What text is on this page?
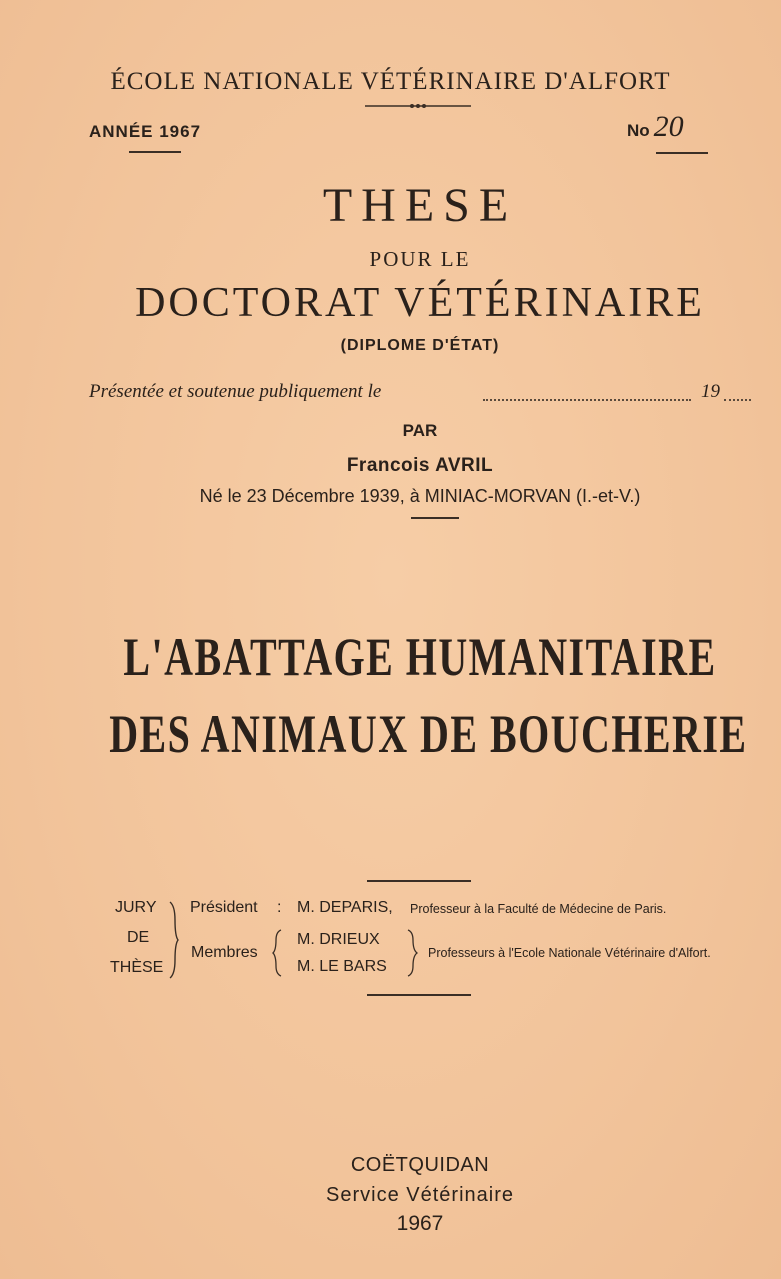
ÉCOLE NATIONALE VÉTÉRINAIRE D'ALFORT
ANNÉE 1967	No 20
THESE
POUR LE
DOCTORAT VÉTÉRINAIRE
(DIPLOME D'ÉTAT)
Présentée et soutenue publiquement le	19
PAR
Francois AVRIL
Né le 23 Décembre 1939, à MINIAC-MORVAN (I.-et-V.)
L'ABATTAGE HUMANITAIRE
DES ANIMAUX DE BOUCHERIE
JURY
DE
THÈSE
Président : M. DEPARIS, Professeur à la Faculté de Médecine de Paris.
Membres
M. DRIEUX
M. LE BARS
Professeurs à l'Ecole Nationale Vétérinaire d'Alfort.
COËTQUIDAN
Service Vétérinaire
1967
